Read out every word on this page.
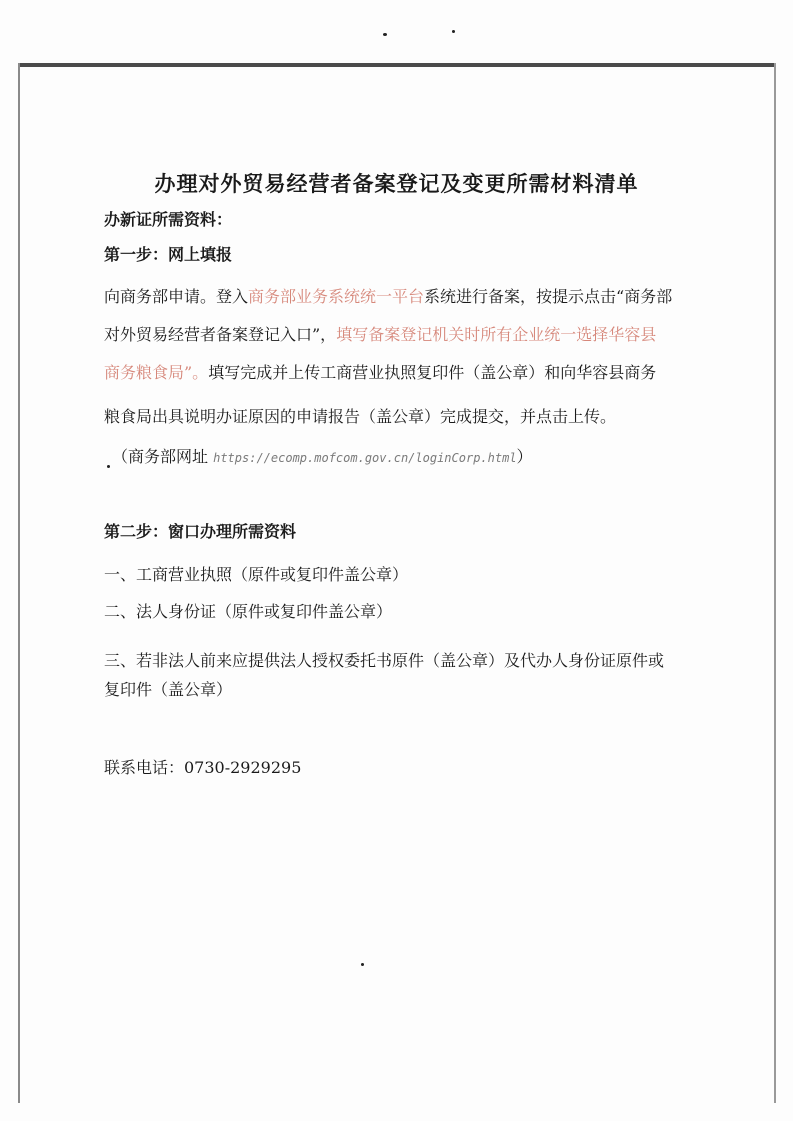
办理对外贸易经营者备案登记及变更所需材料清单
办新证所需资料：
第一步：网上填报
向商务部申请。登入商务部业务系统统一平台系统进行备案，按提示点击“商务部
对外贸易经营者备案登记入口”，填写备案登记机关时所有企业统一选择华容县
商务粮食局”。填写完成并上传工商营业执照复印件（盖公章）和向华容县商务
粮食局出具说明办证原因的申请报告（盖公章）完成提交，并点击上传。
（商务部网址 https://ecomp.mofcom.gov.cn/loginCorp.html）
第二步：窗口办理所需资料
一、工商营业执照（原件或复印件盖公章）
二、法人身份证（原件或复印件盖公章）
三、若非法人前来应提供法人授权委托书原件（盖公章）及代办人身份证原件或
复印件（盖公章）
联系电话：0730-2929295
